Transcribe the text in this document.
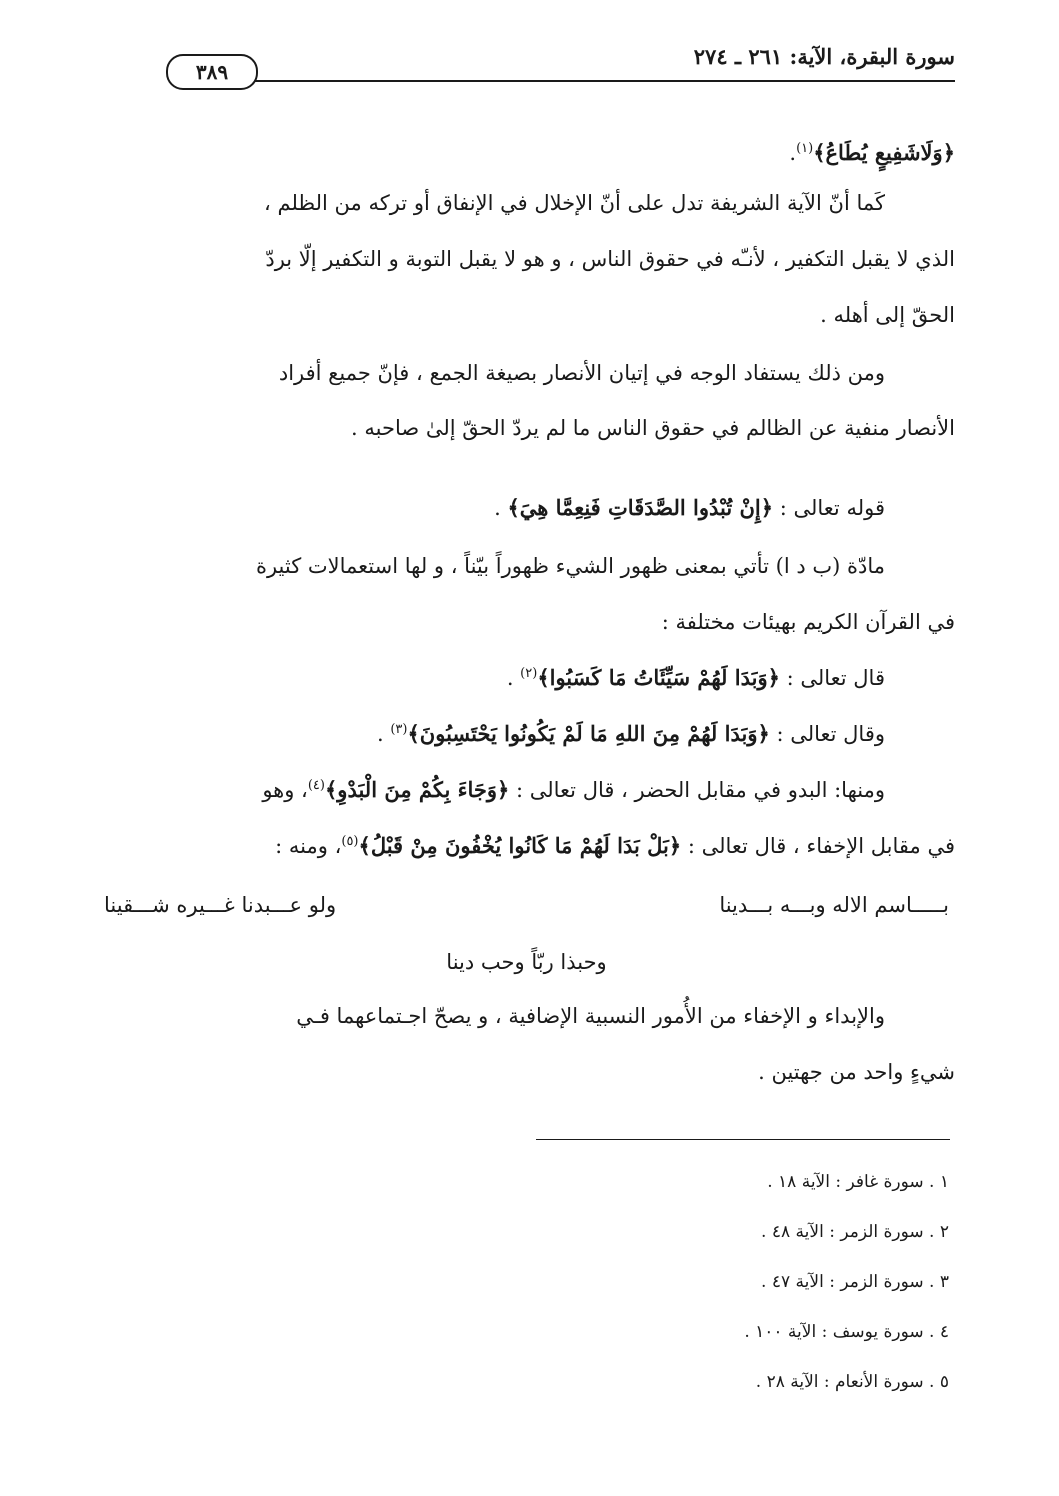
سورة البقرة، الآية: ٢٦١ ـ ٢٧٤
٣٨٩

﴿وَلَاشَفِيعٍ يُطَاعُ﴾$^{(١)}$.

كَما أنّ الآية الشريفة تدل على أنّ الإخلال في الإنفاق أو تركه من الظلم ،

الذي لا يقبل التكفير ، لأنـّه في حقوق الناس ، و هو لا يقبل التوبة و التكفير إلّا بردّ

الحقّ إلى أهله .

ومن ذلك يستفاد الوجه في إتيان الأنصار بصيغة الجمع ، فإنّ جميع أفراد

الأنصار منفية عن الظالم في حقوق الناس ما لم يردّ الحقّ إلىٰ صاحبه .

قوله تعالى : ﴿إِنْ تُبْدُوا الصَّدَقَاتِ فَنِعِمَّا هِيَ﴾ .

مادّة (ب د ا) تأتي بمعنى ظهور الشيء ظهوراً بيّناً ، و لها استعمالات كثيرة

في القرآن الكريم بهيئات مختلفة :

قال تعالى : ﴿وَبَدَا لَهُمْ سَيِّئَاتُ مَا كَسَبُوا﴾$^{(٢)}$ .

وقال تعالى : ﴿وَبَدَا لَهُمْ مِنَ اللهِ مَا لَمْ يَكُونُوا يَحْتَسِبُونَ﴾$^{(٣)}$ .

ومنها: البدو في مقابل الحضر ، قال تعالى : ﴿وَجَاءَ بِكُمْ مِنَ الْبَدْوِ﴾$^{(٤)}$، وهو

في مقابل الإخفاء ، قال تعالى : ﴿بَلْ بَدَا لَهُمْ مَا كَانُوا يُخْفُونَ مِنْ قَبْلُ﴾$^{(٥)}$، ومنه :

بـــــاسم الاله وبـــه بـــدينا
ولو عـــبدنا غـــيره شـــقينا
وحبذا ربّاً وحب دينا

والإبداء و الإخفاء من الأُمور النسبية الإضافية ، و يصحّ اجـتماعهما فـي

شيءٍ واحد من جهتين .

١ . سورة غافر : الآية ١٨ .
٢ . سورة الزمر : الآية ٤٨ .
٣ . سورة الزمر : الآية ٤٧ .
٤ . سورة يوسف : الآية ١٠٠ .
٥ . سورة الأنعام : الآية ٢٨ .
